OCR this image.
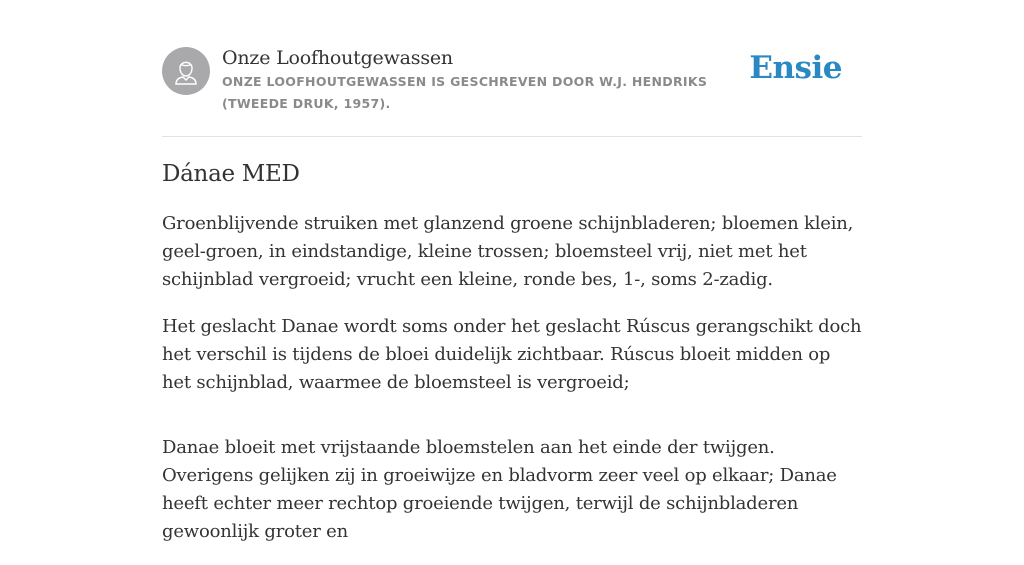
Onze Loofhoutgewassen
ONZE LOOFHOUTGEWASSEN IS GESCHREVEN DOOR W.J. HENDRIKS (TWEEDE DRUK, 1957).
Ensie
Dánae MED

Groenblijvende struiken met glanzend groene schijnbladeren; bloemen klein, geel-groen, in eindstandige, kleine trossen; bloemsteel vrij, niet met het schijnblad vergroeid; vrucht een kleine, ronde bes, 1-, soms 2-zadig.

Het geslacht Danae wordt soms onder het geslacht Rúscus gerangschikt doch het verschil is tijdens de bloei duidelijk zichtbaar. Rúscus bloeit midden op het schijnblad, waarmee de bloemsteel is vergroeid;

Danae bloeit met vrijstaande bloemstelen aan het einde der twijgen. Overigens gelijken zij in groeiwijze en bladvorm zeer veel op elkaar; Danae heeft echter meer rechtop groeiende twijgen, terwijl de schijnbladeren gewoonlijk groter en
